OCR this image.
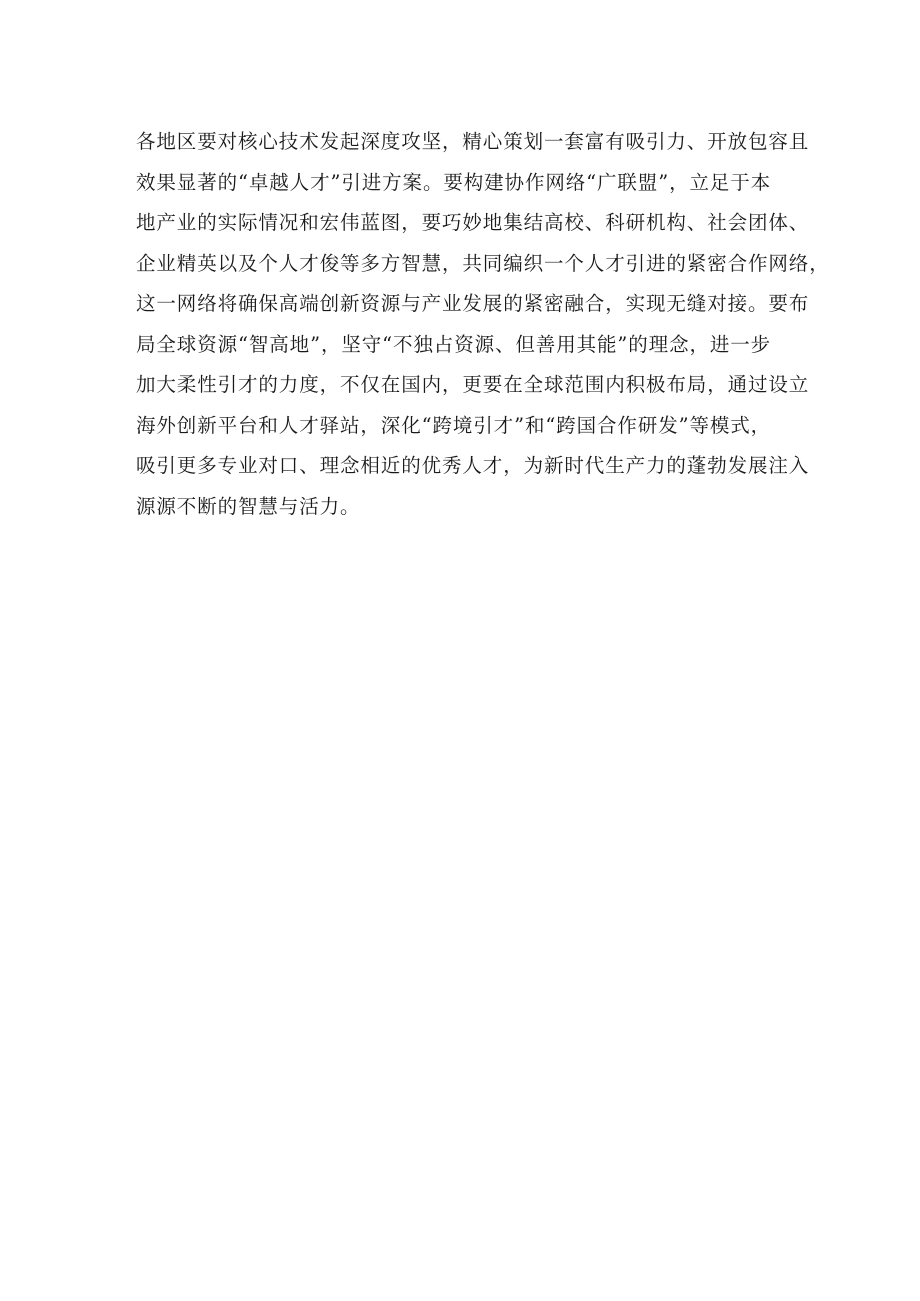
各地区要对核心技术发起深度攻坚，精心策划一套富有吸引力、开放包容且
效果显著的“卓越人才”引进方案。要构建协作网络“广联盟”，立足于本
地产业的实际情况和宏伟蓝图，要巧妙地集结高校、科研机构、社会团体、
企业精英以及个人才俊等多方智慧，共同编织一个人才引进的紧密合作网络，
这一网络将确保高端创新资源与产业发展的紧密融合，实现无缝对接。要布
局全球资源“智高地”，坚守“不独占资源、但善用其能”的理念，进一步
加大柔性引才的力度，不仅在国内，更要在全球范围内积极布局，通过设立
海外创新平台和人才驿站，深化“跨境引才”和“跨国合作研发”等模式，
吸引更多专业对口、理念相近的优秀人才，为新时代生产力的蓬勃发展注入
源源不断的智慧与活力。
